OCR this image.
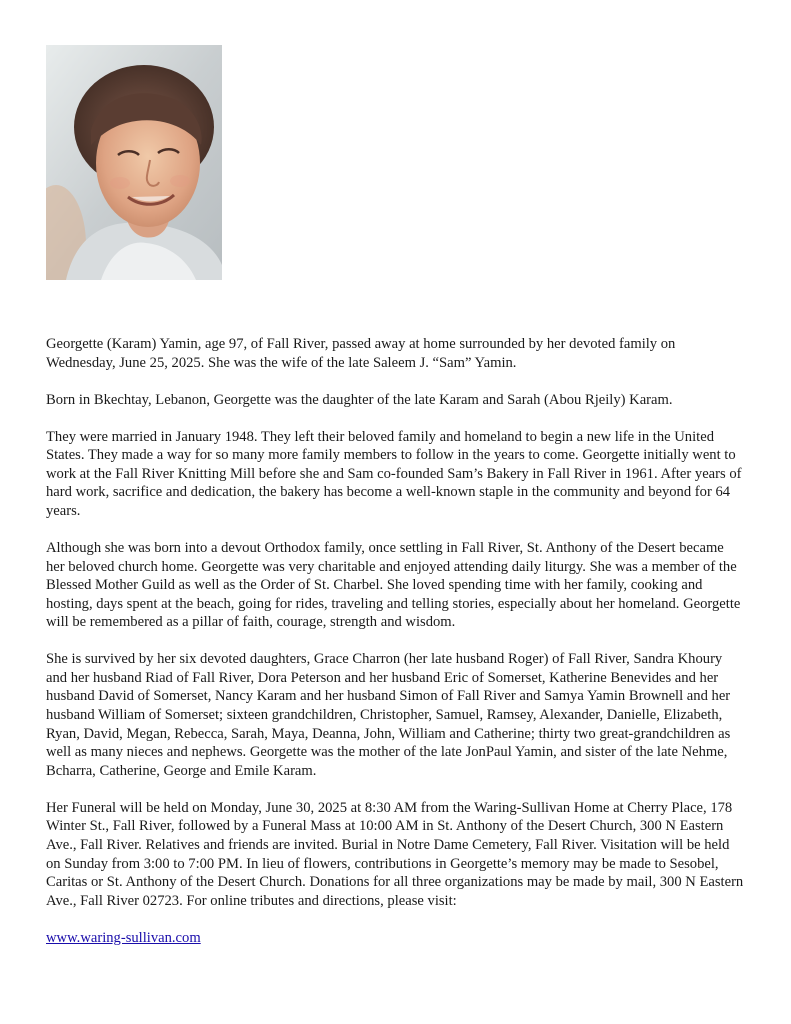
Georgette (Karam) Yamin, age 97, of Fall River, passed away at home surrounded by her devoted family on Wednesday, June 25, 2025. She was the wife of the late Saleem J. “Sam” Yamin.

Born in Bkechtay, Lebanon, Georgette was the daughter of the late Karam and Sarah (Abou Rjeily) Karam.

They were married in January 1948. They left their beloved family and homeland to begin a new life in the United States. They made a way for so many more family members to follow in the years to come. Georgette initially went to work at the Fall River Knitting Mill before she and Sam co-founded Sam’s Bakery in Fall River in 1961. After years of hard work, sacrifice and dedication, the bakery has become a well-known staple in the community and beyond for 64 years.

Although she was born into a devout Orthodox family, once settling in Fall River, St. Anthony of the Desert became her beloved church home. Georgette was very charitable and enjoyed attending daily liturgy. She was a member of the Blessed Mother Guild as well as the Order of St. Charbel. She loved spending time with her family, cooking and hosting, days spent at the beach, going for rides, traveling and telling stories, especially about her homeland. Georgette will be remembered as a pillar of faith, courage, strength and wisdom.

She is survived by her six devoted daughters, Grace Charron (her late husband Roger) of Fall River, Sandra Khoury and her husband Riad of Fall River, Dora Peterson and her husband Eric of Somerset, Katherine Benevides and her husband David of Somerset, Nancy Karam and her husband Simon of Fall River and Samya Yamin Brownell and her husband William of Somerset; sixteen grandchildren, Christopher, Samuel, Ramsey, Alexander, Danielle, Elizabeth, Ryan, David, Megan, Rebecca, Sarah, Maya, Deanna, John, William and Catherine; thirty two great-grandchildren as well as many nieces and nephews. Georgette was the mother of the late JonPaul Yamin, and sister of the late Nehme, Bcharra, Catherine, George and Emile Karam.

Her Funeral will be held on Monday, June 30, 2025 at 8:30 AM from the Waring-Sullivan Home at Cherry Place, 178 Winter St., Fall River, followed by a Funeral Mass at 10:00 AM in St. Anthony of the Desert Church, 300 N Eastern Ave., Fall River. Relatives and friends are invited. Burial in Notre Dame Cemetery, Fall River. Visitation will be held on Sunday from 3:00 to 7:00 PM. In lieu of flowers, contributions in Georgette’s memory may be made to Sesobel, Caritas or St. Anthony of the Desert Church. Donations for all three organizations may be made by mail, 300 N Eastern Ave., Fall River 02723. For online tributes and directions, please visit:

www.waring-sullivan.com
